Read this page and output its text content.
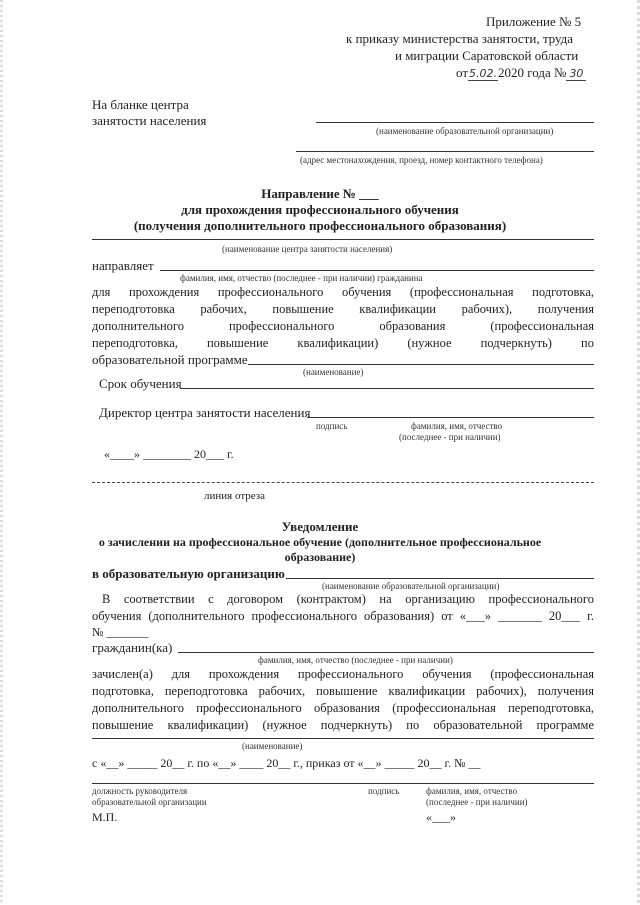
Приложение № 5
к приказу министерства занятости, труда
и миграции Саратовской области
от5.02.2020 года № 30
На бланке центра
занятости населения
(наименование образовательной организации)
(адрес местонахождения, проезд, номер контактного телефона)
Направление № ___
для прохождения профессионального обучения
(получения дополнительного профессионального образования)
(наименование центра занятости населения)
направляет
фамилия, имя, отчество (последнее - при наличии) гражданина
для прохождения профессионального обучения (профессиональная подготовка,
переподготовка рабочих, повышение квалификации рабочих), получения
дополнительного профессионального образования (профессиональная
переподготовка, повышение квалификации) (нужное подчеркнуть) по
образовательной программе
(наименование)
Срок обучения
Директор центра занятости населения
подпись	фамилия, имя, отчество
(последнее - при наличии)
«____» ________ 20___ г.
линия отреза
Уведомление
о зачислении на профессиональное обучение (дополнительное профессиональное
образование)
в образовательную организацию
(наименование образовательной организации)
В соответствии с договором (контрактом) на организацию профессионального
обучения (дополнительного профессионального образования) от «___» _______ 20___ г.
№ _______
гражданин(ка)
фамилия, имя, отчество (последнее - при наличии)
зачислен(а) для прохождения профессионального обучения (профессиональная
подготовка, переподготовка рабочих, повышение квалификации рабочих), получения
дополнительного профессионального образования (профессиональная переподготовка,
повышение квалификации) (нужное подчеркнуть) по образовательной программе
(наименование)
с «__» _____ 20__ г. по «__» ____ 20__ г., приказ от «__» _____ 20__ г. № __
должность руководителя
образовательной организации
подпись	фамилия, имя, отчество
(последнее - при наличии)
М.П.	«___»
